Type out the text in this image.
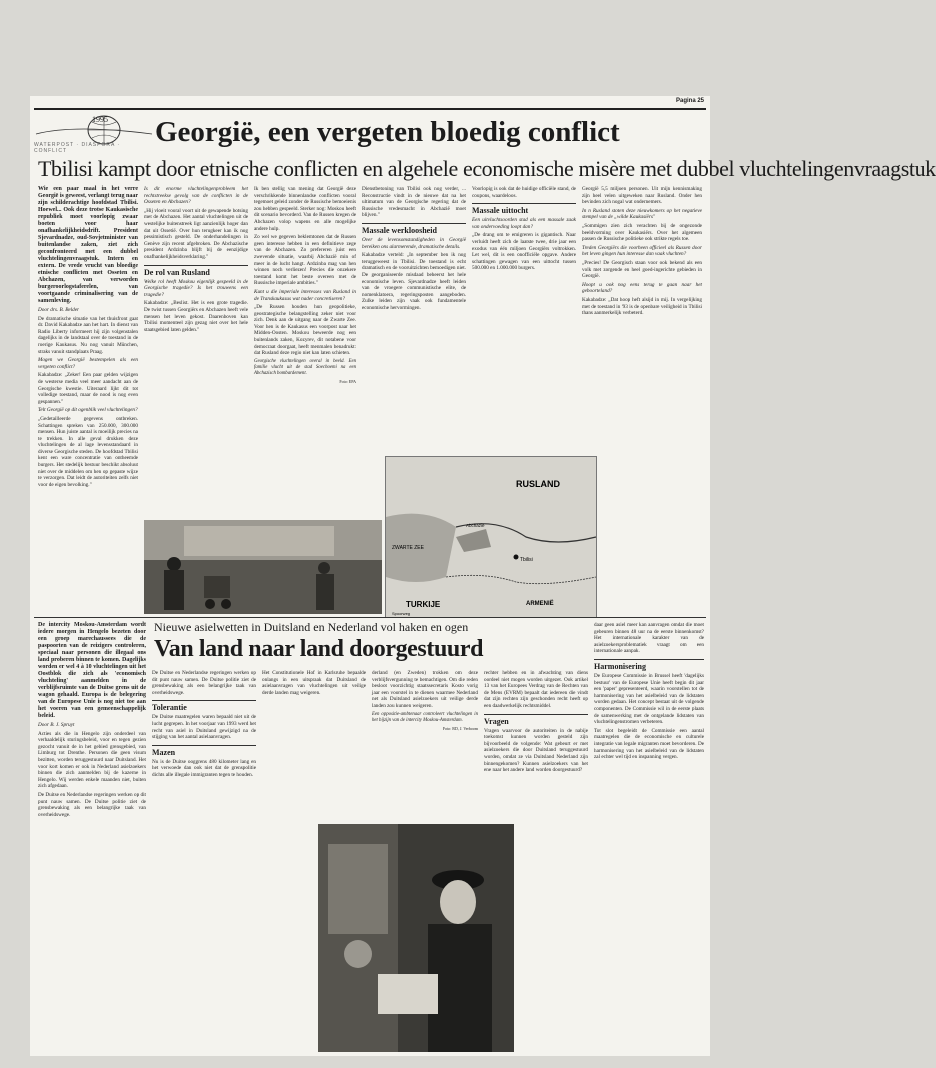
Pagina 25
1995
WATERPOST · DIASPORA · CONFLICT
Georgië, een vergeten bloedig conflict
Tbilisi kampt door etnische conflicten en algehele economische misère met dubbel vluchtelingenvraagstuk

Wie een paar maal in het verre Georgië is geweest, verlangt terug naar zijn schilderachtige hoofdstad Tbilisi. Hoewel... Ook deze trotse Kaukasische republiek moet voorlopig zwaar boeten voor haar onafhankelijkheidsdrift. President Sjevardnadze, oud-Sovjetminister van buitenlandse zaken, ziet zich geconfronteerd met een dubbel vluchtelingenvraagstuk. Intern en extern. De vrede vrucht van bloedige etnische conflicten met Osseten en Abchazen, van verworden burgeroorlogstaferelen, van voortgaande criminalisering van de samenleving.

Door drs. B. Belder

De dramatische situatie van het thuisfront gaat dr. David Kakabadze aan het hart. In dienst van Radio Liberty informeert hij zijn volgenstalen dagelijks in de landstaal over de toestand in de roerige Kaukasus. Nu nog vanuit München, straks vanuit standplaats Praag.

Mogen we Georgië bestempelen als een vergeten conflict?

Kakabadze: „Zeker! Een paar gelden wijzigen de westerse media veel meer aandacht aan de Georgische kwestie. Uiteraard lijkt dit tot volledige toestand, maar de nood is nog even gespannen."

Telt Georgië op dit ogenblik veel vluchtelingen?

„Gedetailleerde gegevens ontbreken. Schattingen spreken van 250.000, 300.000 mensen. Hun juiste aantal is moeilijk precies na te trekken. In alle geval drukken deze vluchtelingen de al lage levensstandaard in diverse Georgische steden. De hoofdstad Tbilisi kent een ware concentratie van ontheemde burgers. Het stedelijk bestuur beschikt absoluut niet over de middelen om hen op gepaste wijze te verzorgen. Dat leidt de autoriteiten zelfs niet voor de eigen bevolking."

Is dit enorme vluchtelingenprobleem het rechtstreekse gevolg van de conflicten in de Osseten en Abchazen?

„Hij vloeit vooral voort uit de gewapende botsing met de Abchazen. Het aantal vluchtelingen uit de westelijke buitenstreek ligt aanzienlijk hoger dan dat uit Ossetië. Over hun terugkeer kan ik nog pessimistisch gesteld. De onderhandelingen in Genève zijn recent afgebroken. De Abchazische president Ardzinba blijft bij de eenzijdige onafhankelijkheidsverklaring."

De rol van Rusland

Welke rol heeft Moskou eigenlijk gespeeld in de Georgische tragedie? Is het trouwens een tragedie?

Kakabadze: „Beslist. Het is een grote tragedie. De twist tussen Georgiërs en Abchazen heeft vele mensen het leven gekost. Daarenboven kan Tbilisi momenteel zijn gezag niet over het hele staatsgebied laten gelden."

Ik ben stellig van mening dat Georgië deze verschrikkende binnenlandse conflicten vooral tegemoet geleid zonder de Russische bemoeienis zou hebben gespeeld. Sterker nog: Moskou heeft dit scenario bevorderd. Van de Russen kregen de Abchazen volop wapens en alle mogelijke andere hulp.

Zo wel we gegeven beklemtonen dat de Russen geen interesse hebben in een definitieve zege van de Abchazen. Zo prefereren juist een zwevende situatie, waarbij Abchazië min of meer in de lucht hangt. Ardzinba mag van hen winnen noch verliezen! Precies die onzekere toestand komt het beste overeen met de Russische imperiale ambities."

Kunt u die imperiale interesses van Rusland in de Transkaukasus wat nader concretiseren?

„De Russen houden hun geopolitieke, geostrategische belangstelling zeker niet voor zich. Denk aan de uitgang naar de Zwarte Zee. Voor hen is de Kaukasus een voorpost naar het Midden-Oosten. Moskou beweerde nog een buitenlands zaken, Kozyrev, dit notabene voor democraat doorgaat, heeft menmalen benadrukt: dat Rusland deze regio niet kan laten schieten.

Georgische vluchtelingen overal in beeld. Een familie vlucht uit de stad Soechoemi na een Abchazisch bombardement.

Foto: EPA

Dienstbetoning van Tbilisi ook nog verder, ... Reconstructie vindt in de nieuwe dat na het ultimatum van de Georgische regering dat de Russische vredesmacht in Abchazië moet blijven."

Massale werkloosheid

Over de levensomstandigheden in Georgië bereiken ons alarmerende, dramatische details.

Kakabadze verteld: „In september ben ik nog teruggeweest in Tbilisi. De toestand is echt dramatisch en de vooruitzichten bemoedigen niet. De georganiseerde misdaad beheerst het hele economische leven. Sjevardnadze heeft leiden van de vroegere communistische elite, de nomenklatoera, regeringsposten aangeboden. Zulke leiden zijn vaak ook fundamentele economische hervormingen.

Voorlopig is ook dat de huidige officiële stand, de coupons, waardeloos.

Massale uittocht

Een uitvluchtsoorden stad als een massale zaak van ondervoeding loopt dan?

„De drang om te emigreren is gigantisch. Naar verluidt heeft zich de laatste twee, drie jaar een exodus van één miljoen Georgiërs voltrokken. Let wel, dit is een onofficiële opgave. Andere schattingen gewagen van een uittocht tussen 500.000 en 1.000.000 burgers.

Georgië 5,5 miljoen personen. Uit mijn kennismaking zijn heel velen uitgeweken naar Rusland. Onder hen bevinden zich nogal wat ondernemers.

In n Rusland stoten deze nieuwkomers op het negatieve stempel van de „wilde Kaukasiërs"

„Sommigen zien zich verachten bij de ongezonde beeldvorming over Kaukasiërs. Over het algemeen passen de Russische politieke ook strikte regels toe.

Treden Georgiërs die voorheen officieel als Russen door het leven gingen hun interesse dan vaak vluchten?

„Precies! De Georgisch staan voor ook bekend als een volk met zorgende en heel goed-ingerichte gebieden in Georgië.

Hoopt u ook nog eens terug te gaan naar het geboorteland?

Kakabadze: „Dat hoop heft alsijd in mij. In vergelijking met de toestand in '93 is de openbare veiligheid in Tbilisi thans aanmerkelijk verbeterd.

RUSLAND
ZWARTE ZEE
TURKIJE	ARMENIË
Tbilisi
Abchazië
Spoorweg
Nieuwe asielwetten in Duitsland en Nederland vol haken en ogen
Van land naar land doorgestuurd

De intercity Moskou-Amsterdam wordt iedere morgen in Hengelo bezeten door een groep marechaussees die de paspoorten van de reizigers controleren, speciaal naar personen die illegaal ons land proberen binnen te komen. Dagelijks worden er wel 4 à 10 vluchtelingen uit het Oostblok die zich als 'economisch vluchteling' aanmelden in de verblijfsruimte van de Duitse grens uit de wagon gehaald. Europa is de belegering van de Europese Unie is nog niet toe aan het voeren van een gemeenschappelijk beleid.

Door B. J. Spruyt

Acties als die in Hengelo zijn onderdeel van verhaaldelijk sturingsbeleid, voor en tegen gezien gezocht vanuit de in het gebied grensgebied, van Limburg tot Drenthe. Personen die geen visum bezitten, worden teruggestuurd naar Duitsland. Het voor kort komen er ook in Nederland asielzoekers binnen die zich aanmelden bij de kazerne in Hengelo. Wij werden enkele maanden niet, buiten zich afgedaan.

De Duitse en Nederlandse regeringen werken op dit punt nauw samen. De Duitse politie ziet de grensbewaking als een belangrijke taak van overheidswege.

De Duitse en Nederlandse regeringen werken op dit punt nauw samen. De Duitse politie ziet de grensbewaking als een belangrijke taak van overheidswege.

Tolerantie

De Duitse maatregelen waren bepaald niet uit de lucht gegrepen. In het voorjaar van 1993 werd het recht van asiel in Duitsland gewijzigd na de stijging van het aantal asielaanvragen.

Mazen

Nu is de Duitse ooggrens 480 kilometer lang en het verwoede dan ook niet dat de grenspolitie dichts alle illegale immigranten tegen te houden.

Het Constitutionele Hof in Karlsruhe bepaalde onlangs in een uitspraak dat Duitsland de asielaanvragen van vluchtelingen uit veilige derde landen mag weigeren.

derland (en Zweden) trokken om deze verblijfsvergunning te bemachtigen. Om die reden besloot voorzichtig staatssecretaris Kosto vorig jaar een voorstel in te dienen waarmee Nederland net als Duitsland asielzoekers uit veilige derde landen zou kunnen weigeren.

Een oppositie-ambtenaar controleert vluchtelingen in het bijzijn van de intercity Moskou-Amsterdam.

Foto: RD, J. Verboom

rechter hebben en in afwachting van diens oordeel niet mogen worden uitgezet. Ook artikel 13 van het Europees Verdrag van de Rechten van de Mens (EVRM) bepaalt dat iedereen die vindt dat zijn rechten zijn geschonden recht heeft op een daadwerkelijk rechtsmiddel.

Vragen

Vragen waarvoor de autoriteiten in de nabije toekomst kunnen worden gesteld zijn bijvoorbeeld de volgende: Wat gebeurt er met asielzoekers die door Duitsland teruggestuurd worden, omdat ze via Duitsland Nederland zijn binnengekomen? Kunnen asielzoekers van het ene naar het andere land worden doorgestuurd?

daar geen asiel meer kan aanvragen omdat die moet gebeuren binnen 48 uur na de eerste binnenkomst? Het internationale karakter van de asielzoekersproblematiek vraagt om een internationale aanpak.

Harmonisering

De Europese Commissie in Brussel heeft 'dagelijks bestuur' van de Europese Unie heeft begin dit jaar een 'paper' gepresenteerd, waarin voorstellen tot de harmonisering van het asielbeleid van de lidstaten worden gedaan. Het concept bestaat uit de volgende componenten. De Commissie wil in de eerste plaats de samenwerking met de ontgelande lidstaten van vluchtelingenstromen verbeteren.

Tot slot begeleidt de Commissie een aantal maatregelen die de economische en culturele integratie van legale migranten moet bevorderen. De harmonisering van het asielbeleid van de lidstaten zal echter wel tijd en inspanning vergen.
